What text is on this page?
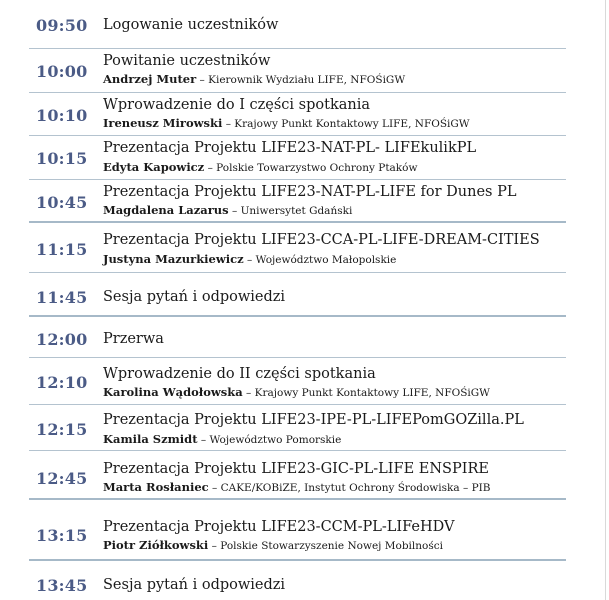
09:50 Logowanie uczestników
10:00
Powitanie uczestników
Andrzej Muter – Kierownik Wydziału LIFE, NFOŚiGW
10:10
Wprowadzenie do I części spotkania
Ireneusz Mirowski – Krajowy Punkt Kontaktowy LIFE, NFOŚiGW
10:15
Prezentacja Projektu LIFE23-NAT-PL- LIFEkulikPL
Edyta Kapowicz – Polskie Towarzystwo Ochrony Ptaków
10:45
Prezentacja Projektu LIFE23-NAT-PL-LIFE for Dunes PL
Magdalena Lazarus – Uniwersytet Gdański
11:15 Prezentacja Projektu LIFE23-CCA-PL-LIFE-DREAM-CITIES
Justyna Mazurkiewicz – Województwo Małopolskie
11:45 Sesja pytań i odpowiedzi
12:00 Przerwa
12:10 Wprowadzenie do II części spotkania
Karolina Wądołowska – Krajowy Punkt Kontaktowy LIFE, NFOŚiGW
12:15 Prezentacja Projektu LIFE23-IPE-PL-LIFEPomGOZilla.PL
Kamila Szmidt – Województwo Pomorskie
12:45 Prezentacja Projektu LIFE23-GIC-PL-LIFE ENSPIRE
Marta Rosłaniec – CAKE/KOBiZE, Instytut Ochrony Środowiska – PIB
13:15 Prezentacja Projektu LIFE23-CCM-PL-LIFeHDV
Piotr Ziółkowski – Polskie Stowarzyszenie Nowej Mobilności
13:45 Sesja pytań i odpowiedzi
